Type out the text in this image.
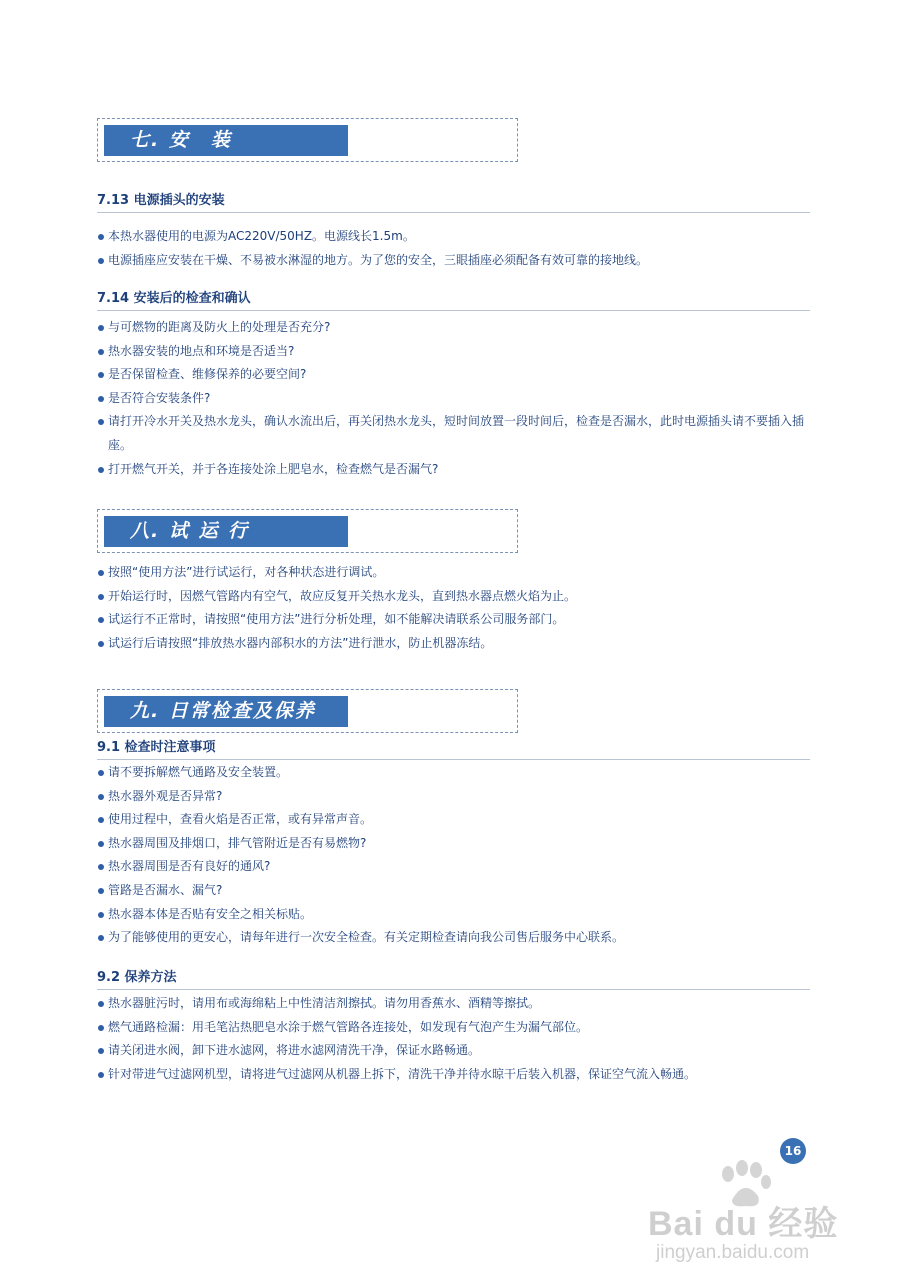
七. 安　装
7.13 电源插头的安装
本热水器使用的电源为AC220V/50HZ。电源线长1.5m。
电源插座应安装在干燥、不易被水淋湿的地方。为了您的安全，三眼插座必须配备有效可靠的接地线。
7.14 安装后的检查和确认
与可燃物的距离及防火上的处理是否充分?
热水器安装的地点和环境是否适当?
是否保留检查、维修保养的必要空间?
是否符合安装条件?
请打开冷水开关及热水龙头，确认水流出后，再关闭热水龙头，短时间放置一段时间后，检查是否漏水，此时电源插头请不要插入插座。
打开燃气开关，并于各连接处涂上肥皂水，检查燃气是否漏气?
八. 试 运 行
按照“使用方法”进行试运行，对各种状态进行调试。
开始运行时，因燃气管路内有空气，故应反复开关热水龙头，直到热水器点燃火焰为止。
试运行不正常时，请按照“使用方法”进行分析处理，如不能解决请联系公司服务部门。
试运行后请按照“排放热水器内部积水的方法”进行泄水，防止机器冻结。
九. 日常检查及保养
9.1 检查时注意事项
请不要拆解燃气通路及安全装置。
热水器外观是否异常?
使用过程中，查看火焰是否正常，或有异常声音。
热水器周围及排烟口，排气管附近是否有易燃物?
热水器周围是否有良好的通风?
管路是否漏水、漏气?
热水器本体是否贴有安全之相关标贴。
为了能够使用的更安心，请每年进行一次安全检查。有关定期检查请向我公司售后服务中心联系。
9.2 保养方法
热水器脏污时，请用布或海绵粘上中性清洁剂擦拭。请勿用香蕉水、酒精等擦拭。
燃气通路检漏：用毛笔沾热肥皂水涂于燃气管路各连接处，如发现有气泡产生为漏气部位。
请关闭进水阀，卸下进水滤网，将进水滤网清洗干净，保证水路畅通。
针对带进气过滤网机型，请将进气过滤网从机器上拆下，清洗干净并待水晾干后装入机器，保证空气流入畅通。
16
Bai du 经验
jingyan.baidu.com
